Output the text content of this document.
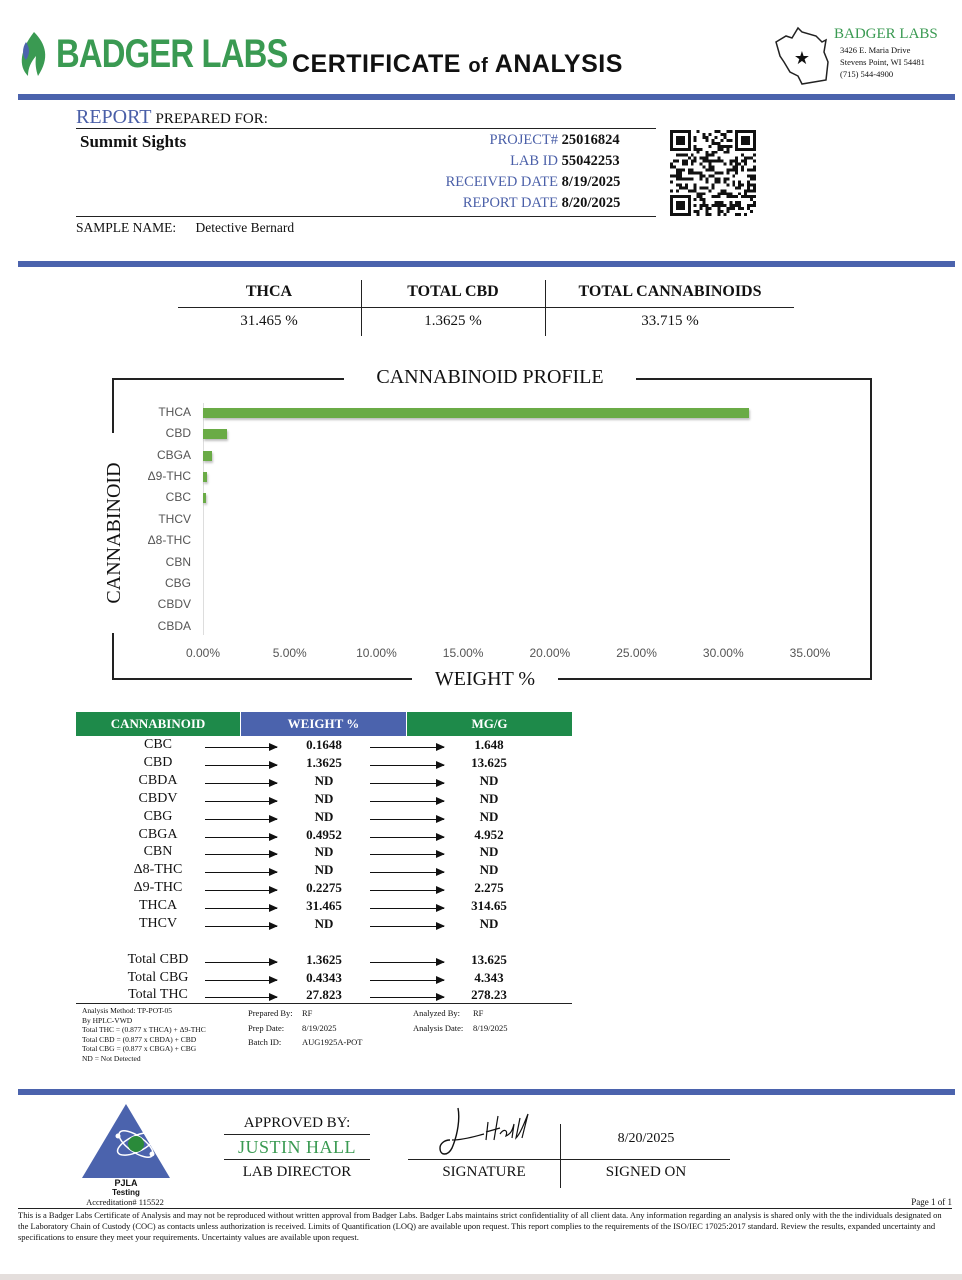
BADGER LABS CERTIFICATE of ANALYSIS	★
BADGER LABS
3426 E. Maria Drive
Stevens Point, WI 54481
(715) 544-4900
REPORT PREPARED FOR:
Summit Sights	PROJECT# 25016824
LAB ID 55042253
RECEIVED DATE 8/19/2025
REPORT DATE 8/20/2025
SAMPLE NAME: Detective Bernard
THCA	TOTAL CBD	TOTAL CANNABINOIDS
31.465 %	1.3625 %	33.715 %
CANNABINOID PROFILE
WEIGHT %
CANNABINOID
THCA
CBD
CBGA
Δ9-THC
CBC
THCV
Δ8-THC
CBN
CBG
CBDV
CBDA
0.00%	5.00%	10.00%	15.00%	20.00%	25.00%	30.00%	35.00%
CANNABINOID	WEIGHT %	MG/G
CBC	0.1648	1.648
CBD	1.3625	13.625
CBDA	ND	ND
CBDV	ND	ND
CBG	ND	ND
CBGA	0.4952	4.952
CBN	ND	ND
Δ8-THC	ND	ND
Δ9-THC	0.2275	2.275
THCA	31.465	314.65
THCV	ND	ND
Total CBD	1.3625	13.625
Total CBG	0.4343	4.343
Total THC	27.823	278.23
Analysis Method: TP-POT-05
By HPLC-VWD
Total THC = (0.877 x THCA) + Δ9-THC
Total CBD = (0.877 x CBDA) + CBD
Total CBG = (0.877 x CBGA) + CBG
ND = Not Detected
Prepared By: RF
Prep Date: 8/19/2025
Batch ID: AUG1925A-POT
Analyzed By: RF
Analysis Date: 8/19/2025
PJLA
Testing
Accreditation# 115522
APPROVED BY:
JUSTIN HALL
LAB DIRECTOR	SIGNATURE
8/20/2025
SIGNED ON
Page 1 of 1
This is a Badger Labs Certificate of Analysis and may not be reproduced without written approval from Badger Labs. Badger Labs maintains strict confidentiality of all client data. Any information regarding an analysis is shared only with the the individuals designated on the Laboratory Chain of Custody (COC) as contacts unless authorization is received. Limits of Quantification (LOQ) are available upon request. This report complies to the requirements of the ISO/IEC 17025:2017 standard. Review the results, expanded uncertainty and specifications to ensure they meet your requirements. Uncertainty values are available upon request.
